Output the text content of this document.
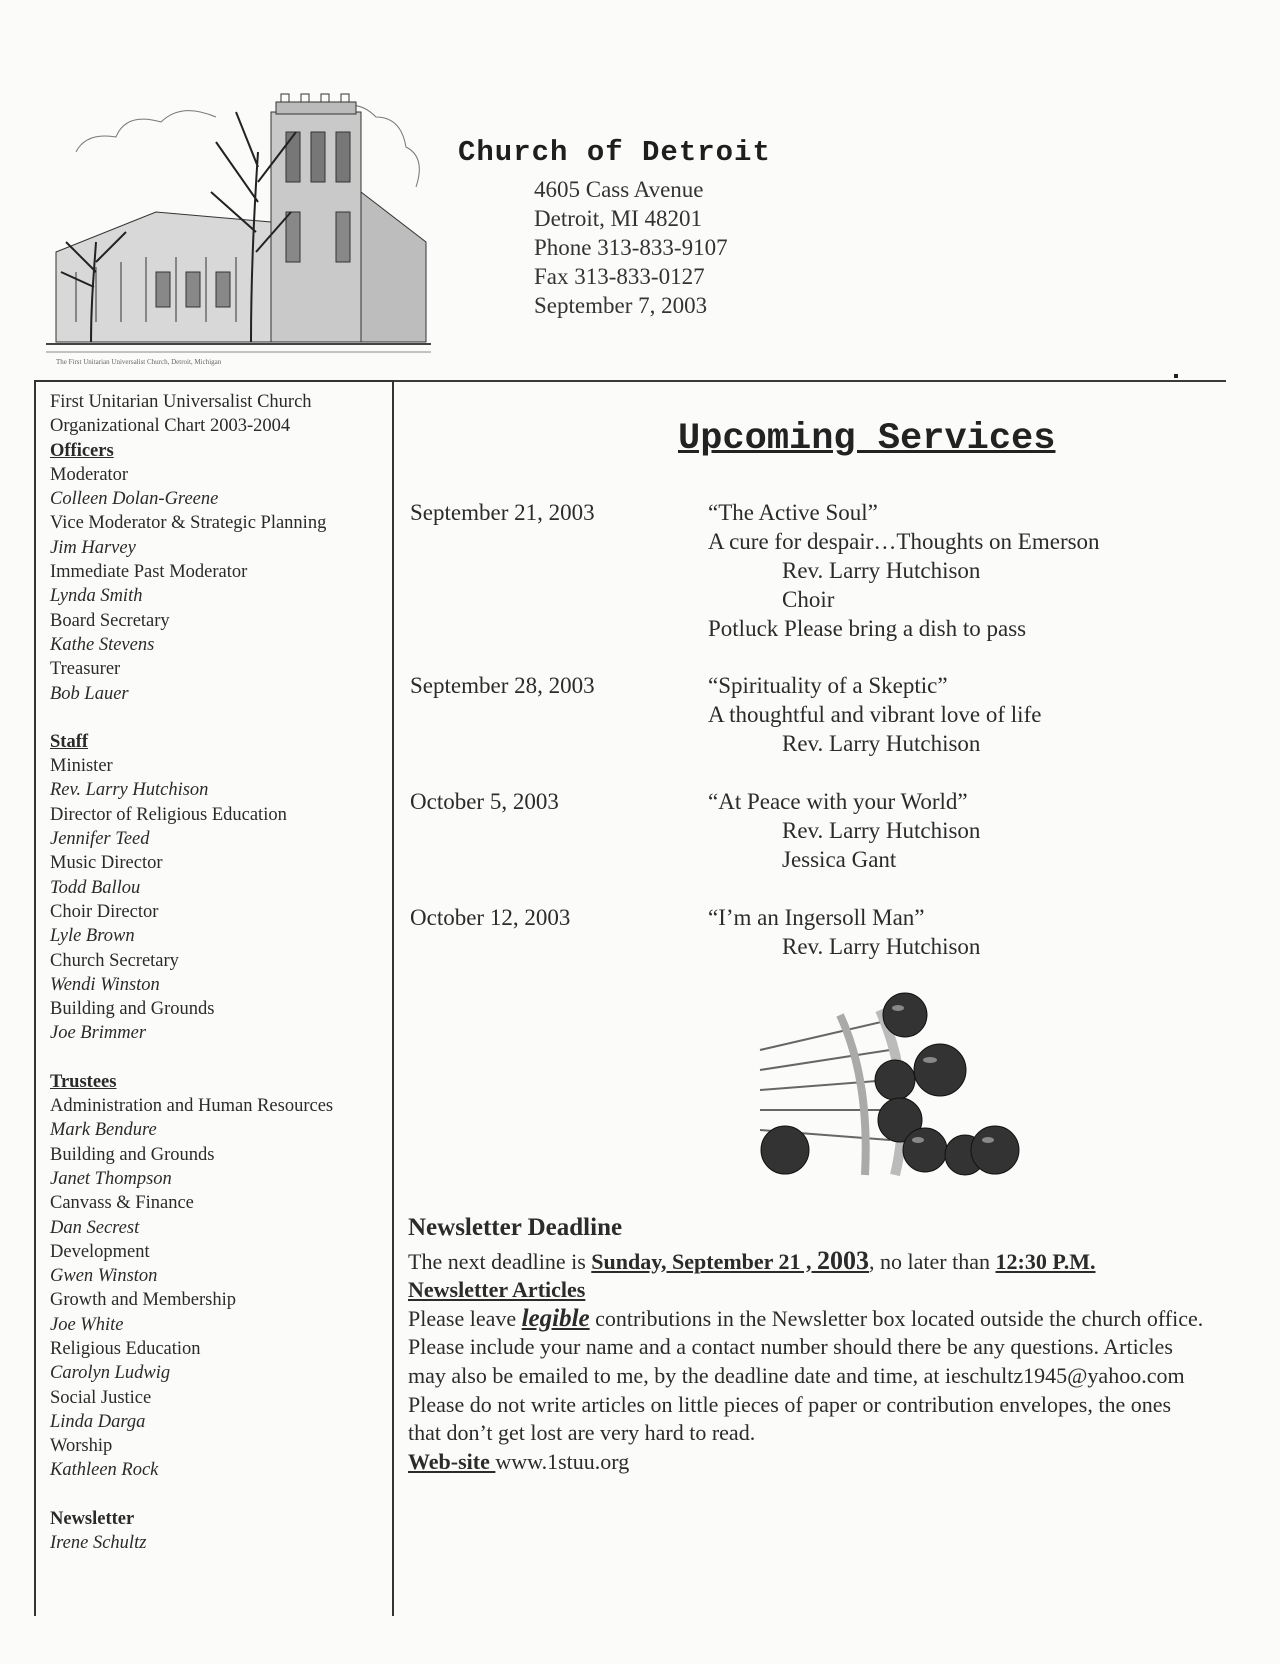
The First Unitarian Universalist Church, Detroit, Michigan
Church of Detroit
4605 Cass Avenue
Detroit, MI 48201
Phone 313-833-9107
Fax 313-833-0127
September 7, 2003
First Unitarian Universalist Church
Organizational Chart 2003-2004
Officers
Moderator
Colleen Dolan-Greene
Vice Moderator & Strategic Planning
Jim Harvey
Immediate Past Moderator
Lynda Smith
Board Secretary
Kathe Stevens
Treasurer
Bob Lauer
Staff
Minister
Rev. Larry Hutchison
Director of Religious Education
Jennifer Teed
Music Director
Todd Ballou
Choir Director
Lyle Brown
Church Secretary
Wendi Winston
Building and Grounds
Joe Brimmer
Trustees
Administration and Human Resources
Mark Bendure
Building and Grounds
Janet Thompson
Canvass & Finance
Dan Secrest
Development
Gwen Winston
Growth and Membership
Joe White
Religious Education
Carolyn Ludwig
Social Justice
Linda Darga
Worship
Kathleen Rock
Newsletter
Irene Schultz
Upcoming Services
September 21, 2003	“The Active Soul”
A cure for despair…Thoughts on Emerson
Rev. Larry Hutchison
Choir
Potluck Please bring a dish to pass
September 28, 2003	“Spirituality of a Skeptic”
A thoughtful and vibrant love of life
Rev. Larry Hutchison
October 5, 2003	“At Peace with your World”
Rev. Larry Hutchison
Jessica Gant
October 12, 2003	“I’m an Ingersoll Man”
Rev. Larry Hutchison
Newsletter Deadline
The next deadline is Sunday, September 21 , 2003, no later than 12:30 P.M.
Newsletter Articles
Please leave legible contributions in the Newsletter box located outside the church office. Please include your name and a contact number should there be any questions. Articles may also be emailed to me, by the deadline date and time, at ieschultz1945@yahoo.com
Please do not write articles on little pieces of paper or contribution envelopes, the ones that don’t get lost are very hard to read.
Web-site www.1stuu.org
